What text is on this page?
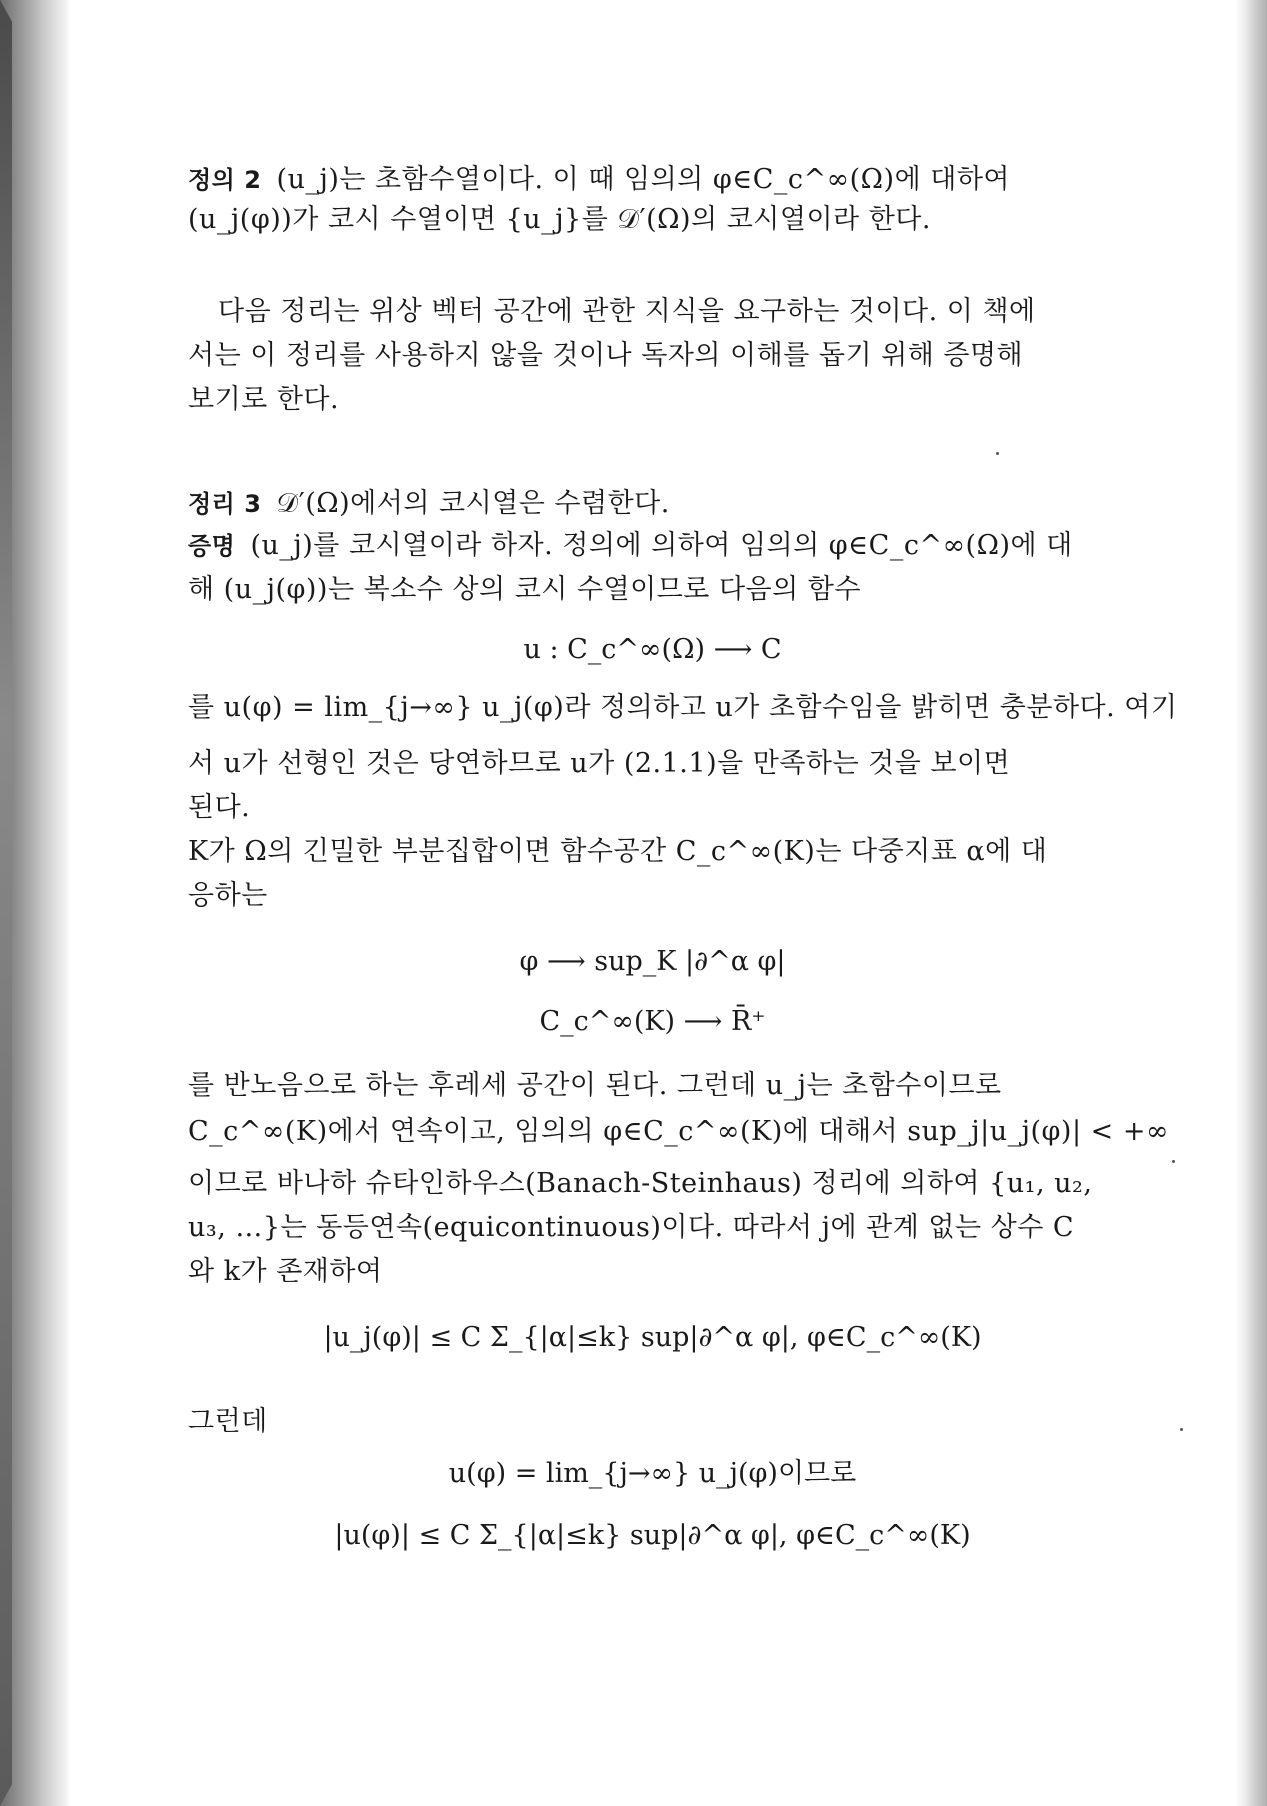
정의 2 (u_j)는 초함수열이다. 이 때 임의의 φ∈C_c^∞(Ω)에 대하여
(u_j(φ))가 코시 수열이면 {u_j}를 𝒟′(Ω)의 코시열이라 한다.
다음 정리는 위상 벡터 공간에 관한 지식을 요구하는 것이다. 이 책에
서는 이 정리를 사용하지 않을 것이나 독자의 이해를 돕기 위해 증명해
보기로 한다.
정리 3 𝒟′(Ω)에서의 코시열은 수렴한다.
증명 (u_j)를 코시열이라 하자. 정의에 의하여 임의의 φ∈C_c^∞(Ω)에 대
해 (u_j(φ))는 복소수 상의 코시 수열이므로 다음의 함수
u : C_c^∞(Ω) ⟶ C
를 u(φ) = lim_{j→∞} u_j(φ)라 정의하고 u가 초함수임을 밝히면 충분하다. 여기
서 u가 선형인 것은 당연하므로 u가 (2.1.1)을 만족하는 것을 보이면
된다.
K가 Ω의 긴밀한 부분집합이면 함수공간 C_c^∞(K)는 다중지표 α에 대
응하는
φ ⟶ sup_K |∂^α φ|
C_c^∞(K) ⟶ R̄⁺
를 반노음으로 하는 후레세 공간이 된다. 그런데 u_j는 초함수이므로
C_c^∞(K)에서 연속이고, 임의의 φ∈C_c^∞(K)에 대해서 sup_j|u_j(φ)| < +∞
이므로 바나하 슈타인하우스(Banach-Steinhaus) 정리에 의하여 {u₁, u₂,
u₃, …}는 동등연속(equicontinuous)이다. 따라서 j에 관계 없는 상수 C
와 k가 존재하여
|u_j(φ)| ≤ C Σ_{|α|≤k} sup|∂^α φ|, φ∈C_c^∞(K)
그런데
u(φ) = lim_{j→∞} u_j(φ)이므로
|u(φ)| ≤ C Σ_{|α|≤k} sup|∂^α φ|, φ∈C_c^∞(K)
